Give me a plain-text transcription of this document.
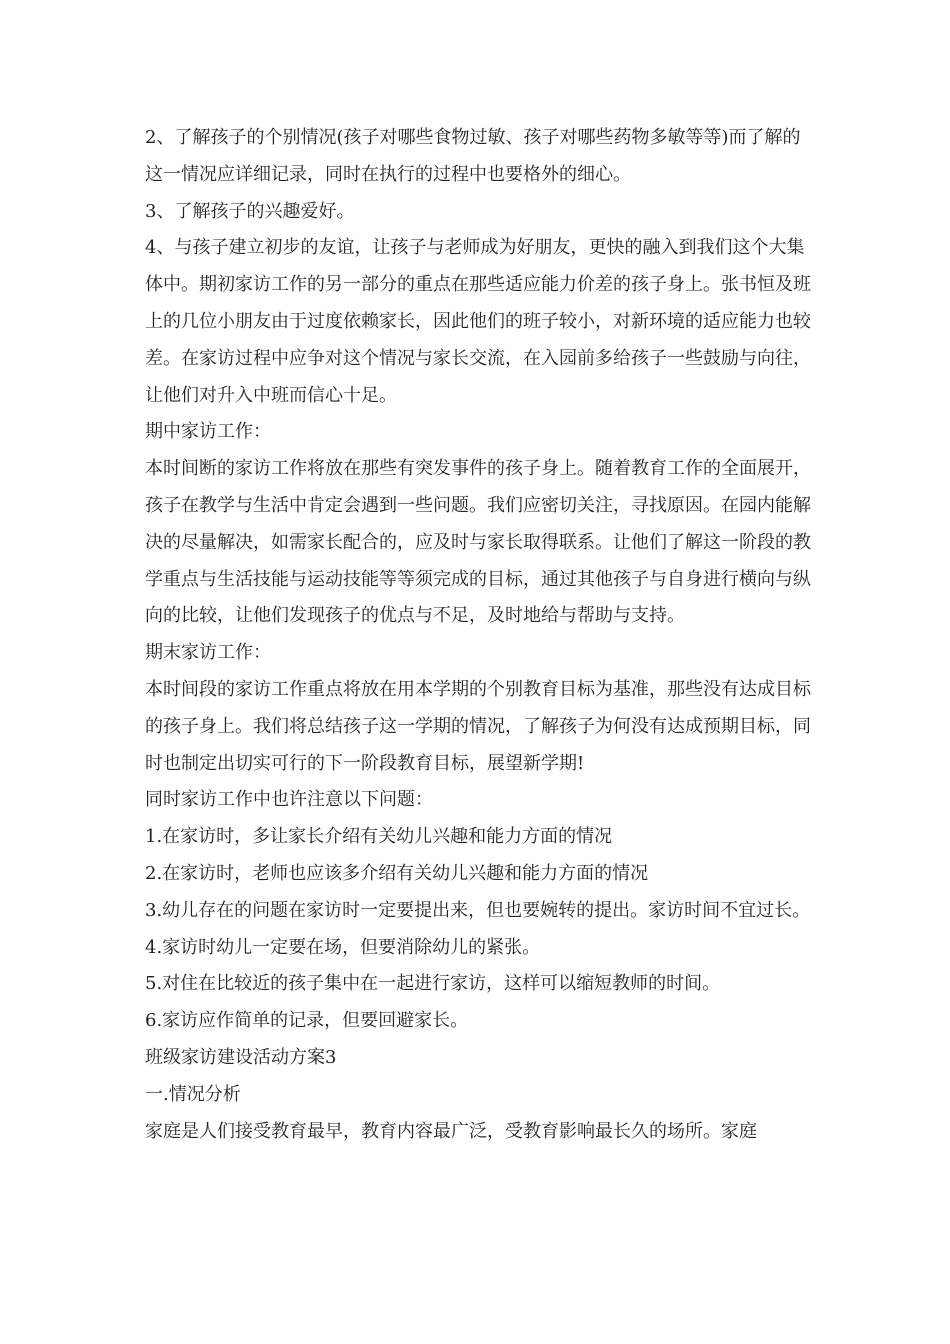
2、了解孩子的个别情况(孩子对哪些食物过敏、孩子对哪些药物多敏等等)而了解的这一情况应详细记录，同时在执行的过程中也要格外的细心。

3、了解孩子的兴趣爱好。

4、与孩子建立初步的友谊，让孩子与老师成为好朋友，更快的融入到我们这个大集体中。期初家访工作的另一部分的重点在那些适应能力价差的孩子身上。张书恒及班上的几位小朋友由于过度依赖家长，因此他们的班子较小，对新环境的适应能力也较差。在家访过程中应争对这个情况与家长交流，在入园前多给孩子一些鼓励与向往，让他们对升入中班而信心十足。

期中家访工作：

本时间断的家访工作将放在那些有突发事件的孩子身上。随着教育工作的全面展开，孩子在教学与生活中肯定会遇到一些问题。我们应密切关注，寻找原因。在园内能解决的尽量解决，如需家长配合的，应及时与家长取得联系。让他们了解这一阶段的教学重点与生活技能与运动技能等等须完成的目标，通过其他孩子与自身进行横向与纵向的比较，让他们发现孩子的优点与不足，及时地给与帮助与支持。

期末家访工作：

本时间段的家访工作重点将放在用本学期的个别教育目标为基准，那些没有达成目标的孩子身上。我们将总结孩子这一学期的情况，了解孩子为何没有达成预期目标，同时也制定出切实可行的下一阶段教育目标，展望新学期!

同时家访工作中也许注意以下问题：

1.在家访时，多让家长介绍有关幼儿兴趣和能力方面的情况

2.在家访时，老师也应该多介绍有关幼儿兴趣和能力方面的情况

3.幼儿存在的问题在家访时一定要提出来，但也要婉转的提出。家访时间不宜过长。

4.家访时幼儿一定要在场，但要消除幼儿的紧张。

5.对住在比较近的孩子集中在一起进行家访，这样可以缩短教师的时间。

6.家访应作简单的记录，但要回避家长。

班级家访建设活动方案3

一.情况分析

家庭是人们接受教育最早，教育内容最广泛，受教育影响最长久的场所。家庭
